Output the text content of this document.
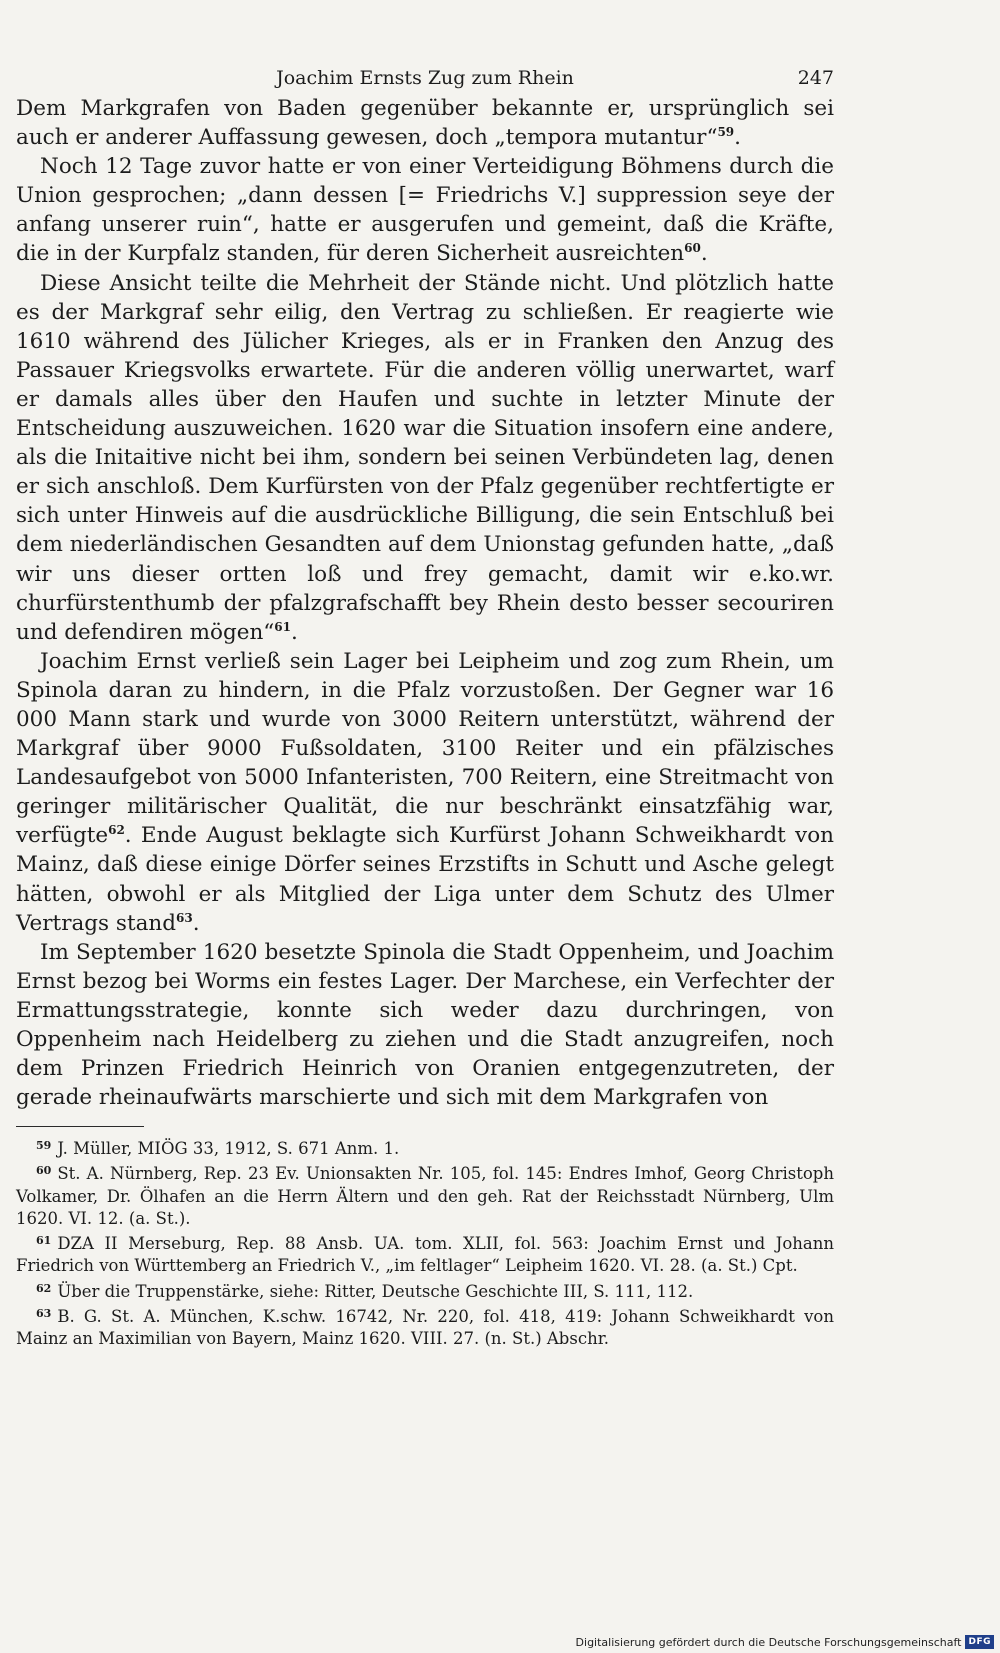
Joachim Ernsts Zug zum Rhein	247

Dem Markgrafen von Baden gegenüber bekannte er, ursprünglich sei auch er anderer Auffassung gewesen, doch „tempora mutantur“$^{59}$.

Noch 12 Tage zuvor hatte er von einer Verteidigung Böhmens durch die Union gesprochen; „dann dessen [= Friedrichs V.] suppression seye der anfang unserer ruin“, hatte er ausgerufen und gemeint, daß die Kräfte, die in der Kurpfalz standen, für deren Sicherheit ausreichten$^{60}$.

Diese Ansicht teilte die Mehrheit der Stände nicht. Und plötzlich hatte es der Markgraf sehr eilig, den Vertrag zu schließen. Er reagierte wie 1610 während des Jülicher Krieges, als er in Franken den Anzug des Passauer Kriegsvolks erwartete. Für die anderen völlig unerwartet, warf er damals alles über den Haufen und suchte in letzter Minute der Entscheidung auszuweichen. 1620 war die Situation insofern eine andere, als die Initaitive nicht bei ihm, sondern bei seinen Verbündeten lag, denen er sich anschloß. Dem Kurfürsten von der Pfalz gegenüber rechtfertigte er sich unter Hinweis auf die ausdrückliche Billigung, die sein Entschluß bei dem niederländischen Gesandten auf dem Unionstag gefunden hatte, „daß wir uns dieser ortten loß und frey gemacht, damit wir e.ko.wr. churfürstenthumb der pfalzgrafschafft bey Rhein desto besser secouriren und defendiren mögen“$^{61}$.

Joachim Ernst verließ sein Lager bei Leipheim und zog zum Rhein, um Spinola daran zu hindern, in die Pfalz vorzustoßen. Der Gegner war 16 000 Mann stark und wurde von 3000 Reitern unterstützt, während der Markgraf über 9000 Fußsoldaten, 3100 Reiter und ein pfälzisches Landesaufgebot von 5000 Infanteristen, 700 Reitern, eine Streitmacht von geringer militärischer Qualität, die nur beschränkt einsatzfähig war, verfügte$^{62}$. Ende August beklagte sich Kurfürst Johann Schweikhardt von Mainz, daß diese einige Dörfer seines Erzstifts in Schutt und Asche gelegt hätten, obwohl er als Mitglied der Liga unter dem Schutz des Ulmer Vertrags stand$^{63}$.

Im September 1620 besetzte Spinola die Stadt Oppenheim, und Joachim Ernst bezog bei Worms ein festes Lager. Der Marchese, ein Verfechter der Ermattungsstrategie, konnte sich weder dazu durchringen, von Oppenheim nach Heidelberg zu ziehen und die Stadt anzugreifen, noch dem Prinzen Friedrich Heinrich von Oranien entgegenzutreten, der gerade rheinaufwärts marschierte und sich mit dem Markgrafen von

$^{59}$ J. Müller, MIÖG 33, 1912, S. 671 Anm. 1.

$^{60}$ St. A. Nürnberg, Rep. 23 Ev. Unionsakten Nr. 105, fol. 145: Endres Imhof, Georg Christoph Volkamer, Dr. Ölhafen an die Herrn Ältern und den geh. Rat der Reichsstadt Nürnberg, Ulm 1620. VI. 12. (a. St.).

$^{61}$ DZA II Merseburg, Rep. 88 Ansb. UA. tom. XLII, fol. 563: Joachim Ernst und Johann Friedrich von Württemberg an Friedrich V., „im feltlager“ Leipheim 1620. VI. 28. (a. St.) Cpt.

$^{62}$ Über die Truppenstärke, siehe: Ritter, Deutsche Geschichte III, S. 111, 112.

$^{63}$ B. G. St. A. München, K.schw. 16742, Nr. 220, fol. 418, 419: Johann Schweikhardt von Mainz an Maximilian von Bayern, Mainz 1620. VIII. 27. (n. St.) Abschr.

Digitalisierung gefördert durch die Deutsche Forschungsgemeinschaft DFG
